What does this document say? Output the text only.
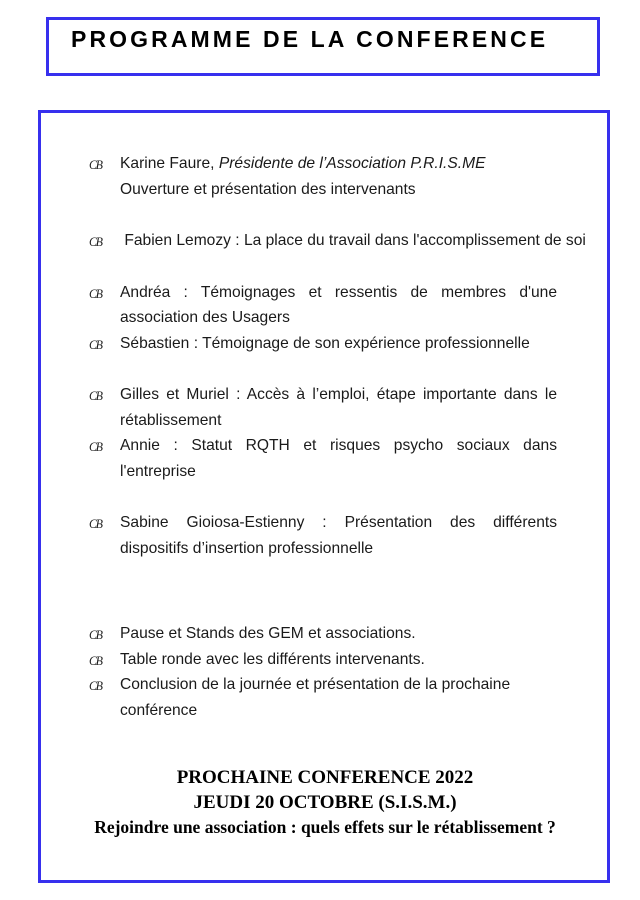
PROGRAMME DE LA CONFERENCE
CB	Karine Faure, Présidente de l’Association P.R.I.S.ME
Ouverture et présentation des intervenants
CB	Fabien Lemozy : La place du travail dans l'accomplissement de soi
CB	Andréa : Témoignages et ressentis de membres d'une association des Usagers
CB	Sébastien : Témoignage de son expérience professionnelle
CB	Gilles et Muriel : Accès à l’emploi, étape importante dans le rétablissement
CB	Annie : Statut RQTH et risques psycho sociaux dans l'entreprise
CB	Sabine Gioiosa-Estienny : Présentation des différents dispositifs d’insertion professionnelle
CB	Pause et Stands des GEM et associations.
CB	Table ronde avec les différents intervenants.
CB	Conclusion de la journée et présentation de la prochaine conférence
PROCHAINE CONFERENCE 2022
JEUDI 20 OCTOBRE (S.I.S.M.)
Rejoindre une association : quels effets sur le rétablissement ?
